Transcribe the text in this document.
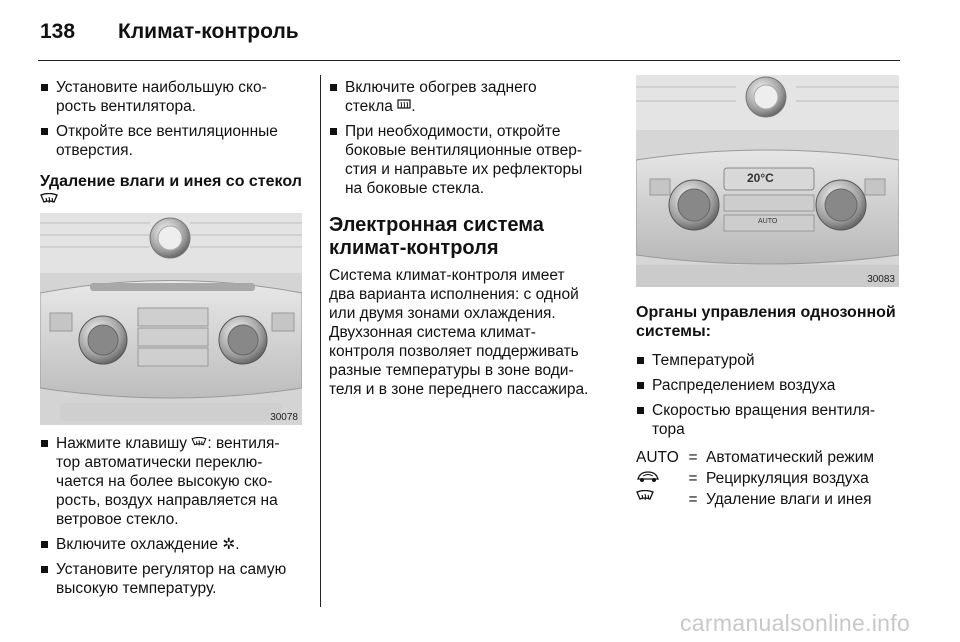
138 Климат-контроль
Установите наибольшую ско-рость вентилятора.
Откройте все вентиляционные отверстия.
Удаление влаги и инея со стекол
30078
Нажмите клавишу : вентиля-
тор автоматически переклю-
чается на более высокую ско-
рость, воздух направляется на
ветровое стекло.
Включите охлаждение ✲.
Установите регулятор на самую
высокую температуру.
Включите обогрев заднего
стекла .
При необходимости, откройте
боковые вентиляционные отвер-
стия и направьте их рефлекторы
на боковые стекла.
Электронная система
климат-контроля

Система климат-контроля имеет
два варианта исполнения: с одной
или двумя зонами охлаждения.
Двухзонная система климат-
контроля позволяет поддерживать
разные температуры в зоне води-
теля и в зоне переднего пассажира.

20°C
AUTO
30083
Органы управления однозонной
системы:
Температурой
Распределением воздуха
Скоростью вращения вентиля-
тора
AUTO = Автоматический режим
= Рециркуляция воздуха
= Удаление влаги и инея
carmanualsonline.info
